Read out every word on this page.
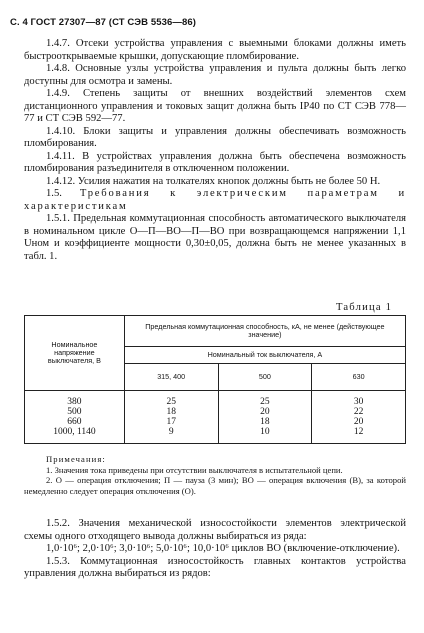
С. 4 ГОСТ 27307—87 (СТ СЭВ 5536—86)

1.4.7. Отсеки устройства управления с выемными блоками должны иметь быстрооткрываемые крышки, допускающие пломбирование.

1.4.8. Основные узлы устройства управления и пульта должны быть легко доступны для осмотра и замены.

1.4.9. Степень защиты от внешних воздействий элементов схем дистанционного управления и токовых защит должна быть IP40 по СТ СЭВ 778—77 и СТ СЭВ 592—77.

1.4.10. Блоки защиты и управления должны обеспечивать возможность пломбирования.

1.4.11. В устройствах управления должна быть обеспечена возможность пломбирования разъединителя в отключенном положении.

1.4.12. Усилия нажатия на толкателях кнопок должны быть не более 50 Н.

1.5. Требования к электрическим параметрам и характеристикам

1.5.1. Предельная коммутационная способность автоматического выключателя в номинальном цикле О—П—ВО—П—ВО при возвращающемся напряжении 1,1 Uном и коэффициенте мощности 0,30±0,05, должна быть не менее указанных в табл. 1.

Таблица 1
Номинальное напряжение выключателя, В	Предельная коммутационная способность, кА, не менее (действующее значение)		
	Номинальный ток выключателя, А		
	315, 400	500	630
380	25	25	30
500	18	20	22
660	17	18	20
1000, 1140	9	10	12

Примечания:

1. Значения тока приведены при отсутствии выключателя в испытательной цепи.

2. О — операция отключения; П — пауза (3 мин); ВО — операция включения (В), за которой немедленно следует операция отключения (О).

1.5.2. Значения механической износостойкости элементов электрической схемы одного отходящего вывода должны выбираться из ряда:

1,0·10⁶; 2,0·10⁶; 3,0·10⁶; 5,0·10⁶; 10,0·10⁶ циклов ВО (включение-отключение).

1.5.3. Коммутационная износостойкость главных контактов устройства управления должна выбираться из рядов:
